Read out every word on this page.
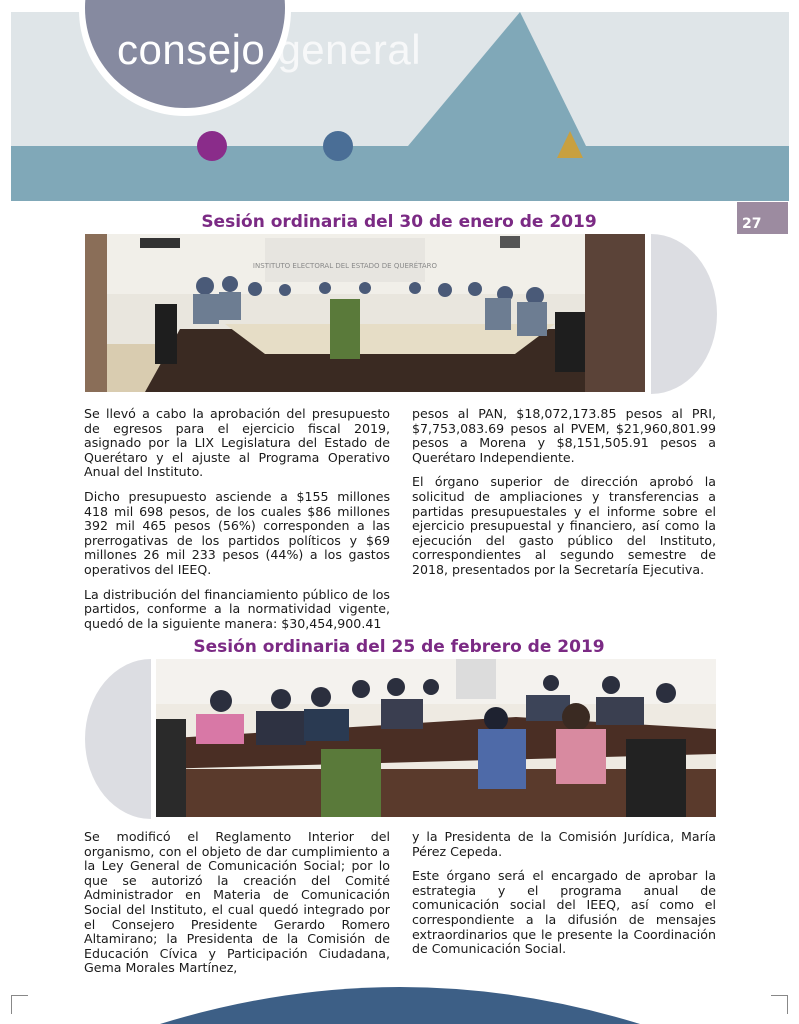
consejo general
27
Sesión ordinaria del 30 de enero de 2019
INSTITUTO ELECTORAL DEL ESTADO DE QUERÉTARO

Se llevó a cabo la aprobación del presupuesto de egresos para el ejercicio fiscal 2019, asignado por la LIX Legislatura del Estado de Querétaro y el ajuste al Programa Operativo Anual del Instituto.

Dicho presupuesto asciende a $155 millones 418 mil 698 pesos, de los cuales $86 millones 392 mil 465 pesos (56%) corresponden a las prerrogativas de los partidos políticos y $69 millones 26 mil 233 pesos (44%) a los gastos operativos del IEEQ.

La distribución del financiamiento público de los partidos, conforme a la normatividad vigente, quedó de la siguiente manera: $30,454,900.41

pesos al PAN, $18,072,173.85 pesos al PRI, $7,753,083.69 pesos al PVEM, $21,960,801.99 pesos a Morena y $8,151,505.91 pesos a Querétaro Independiente.

El órgano superior de dirección aprobó la solicitud de ampliaciones y transferencias a partidas presupuestales y el informe sobre el ejercicio presupuestal y financiero, así como la ejecución del gasto público del Instituto, correspondientes al segundo semestre de 2018, presentados por la Secretaría Ejecutiva.

Sesión ordinaria del 25 de febrero de 2019

Se modificó el Reglamento Interior del organismo, con el objeto de dar cumplimiento a la Ley General de Comunicación Social; por lo que se autorizó la creación del Comité Administrador en Materia de Comunicación Social del Instituto, el cual quedó integrado por el Consejero Presidente Gerardo Romero Altamirano; la Presidenta de la Comisión de Educación Cívica y Participación Ciudadana, Gema Morales Martínez,

y la Presidenta de la Comisión Jurídica, María Pérez Cepeda.

Este órgano será el encargado de aprobar la estrategia y el programa anual de comunicación social del IEEQ, así como el correspondiente a la difusión de mensajes extraordinarios que le presente la Coordinación de Comunicación Social.
